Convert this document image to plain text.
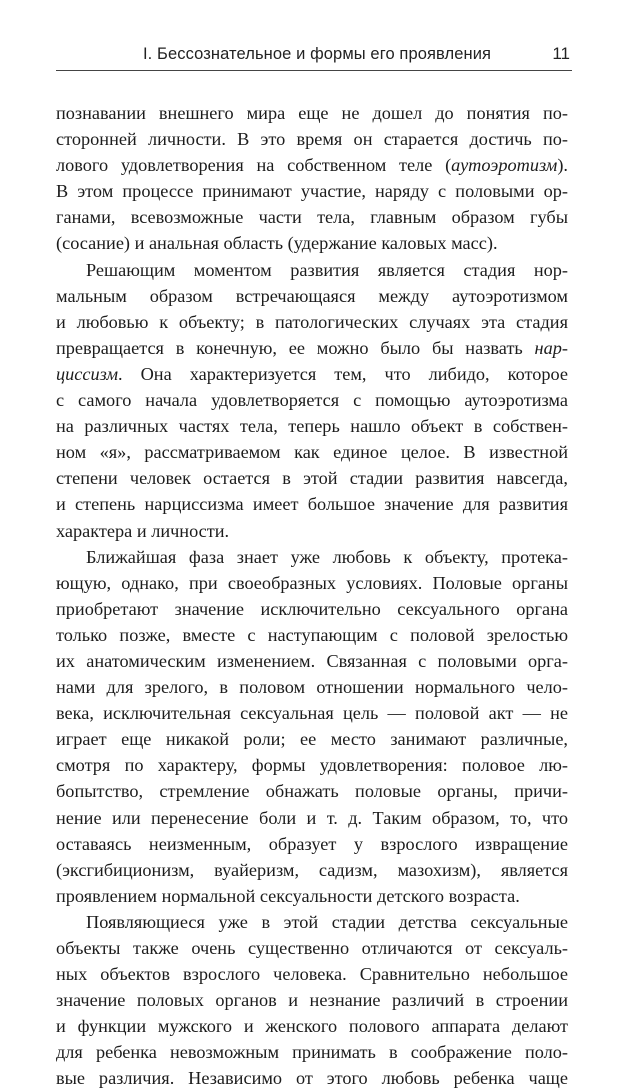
I. Бессознательное и формы его проявления	11
познавании внешнего мира еще не дошел до понятия по-
сторонней личности. В это время он старается достичь по-
лового удовлетворения на собственном теле (аутоэротизм).
В этом процессе принимают участие, наряду с половыми ор-
ганами, всевозможные части тела, главным образом губы
(сосание) и анальная область (удержание каловых масс).
Решающим моментом развития является стадия нор-
мальным образом встречающаяся между аутоэротизмом
и любовью к объекту; в патологических случаях эта стадия
превращается в конечную, ее можно было бы назвать нар-
циссизм. Она характеризуется тем, что либидо, которое
с самого начала удовлетворяется с помощью аутоэротизма
на различных частях тела, теперь нашло объект в собствен-
ном «я», рассматриваемом как единое целое. В известной
степени человек остается в этой стадии развития навсегда,
и степень нарциссизма имеет большое значение для развития
характера и личности.
Ближайшая фаза знает уже любовь к объекту, протека-
ющую, однако, при своеобразных условиях. Половые органы
приобретают значение исключительно сексуального органа
только позже, вместе с наступающим с половой зрелостью
их анатомическим изменением. Связанная с половыми орга-
нами для зрелого, в половом отношении нормального чело-
века, исключительная сексуальная цель — половой акт — не
играет еще никакой роли; ее место занимают различные,
смотря по характеру, формы удовлетворения: половое лю-
бопытство, стремление обнажать половые органы, причи-
нение или перенесение боли и т. д. Таким образом, то, что
оставаясь неизменным, образует у взрослого извращение
(эксгибиционизм, вуайеризм, садизм, мазохизм), является
проявлением нормальной сексуальности детского возраста.
Появляющиеся уже в этой стадии детства сексуальные
объекты также очень существенно отличаются от сексуаль-
ных объектов взрослого человека. Сравнительно небольшое
значение половых органов и незнание различий в строении
и функции мужского и женского полового аппарата делают
для ребенка невозможным принимать в соображение поло-
вые различия. Независимо от этого любовь ребенка чаще
